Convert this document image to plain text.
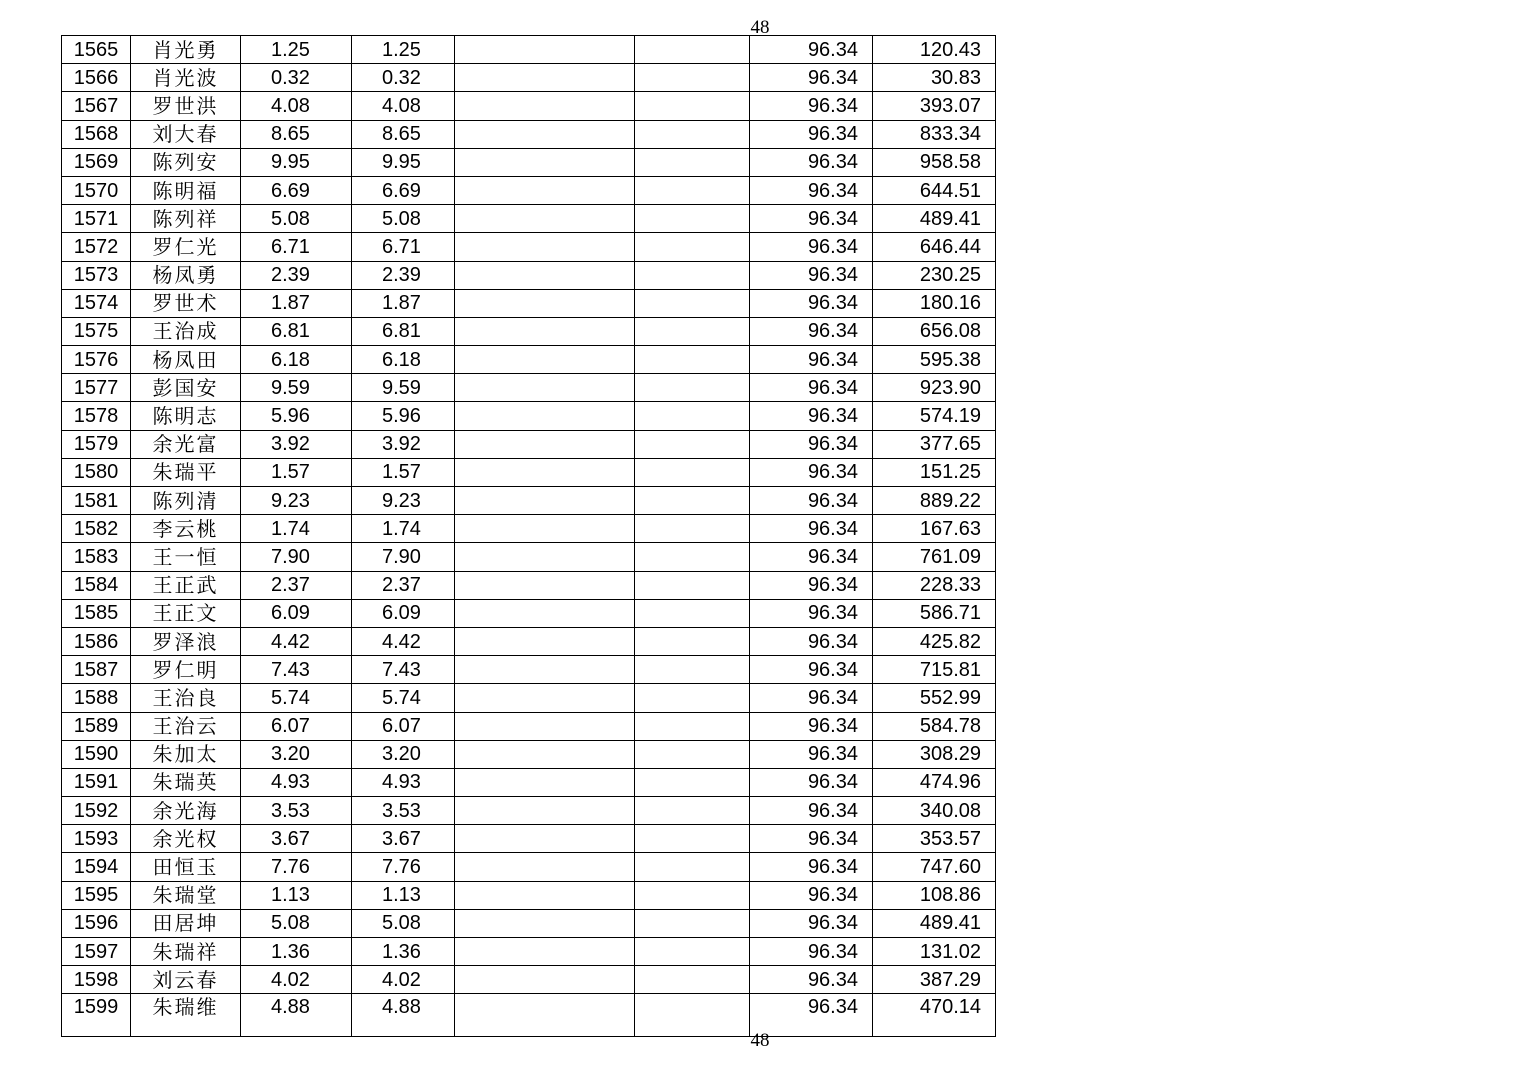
48
1565	肖光勇	1.25	1.25			96.34	120.43
1566	肖光波	0.32	0.32			96.34	30.83
1567	罗世洪	4.08	4.08			96.34	393.07
1568	刘大春	8.65	8.65			96.34	833.34
1569	陈列安	9.95	9.95			96.34	958.58
1570	陈明福	6.69	6.69			96.34	644.51
1571	陈列祥	5.08	5.08			96.34	489.41
1572	罗仁光	6.71	6.71			96.34	646.44
1573	杨凤勇	2.39	2.39			96.34	230.25
1574	罗世术	1.87	1.87			96.34	180.16
1575	王治成	6.81	6.81			96.34	656.08
1576	杨凤田	6.18	6.18			96.34	595.38
1577	彭国安	9.59	9.59			96.34	923.90
1578	陈明志	5.96	5.96			96.34	574.19
1579	余光富	3.92	3.92			96.34	377.65
1580	朱瑞平	1.57	1.57			96.34	151.25
1581	陈列清	9.23	9.23			96.34	889.22
1582	李云桃	1.74	1.74			96.34	167.63
1583	王一恒	7.90	7.90			96.34	761.09
1584	王正武	2.37	2.37			96.34	228.33
1585	王正文	6.09	6.09			96.34	586.71
1586	罗泽浪	4.42	4.42			96.34	425.82
1587	罗仁明	7.43	7.43			96.34	715.81
1588	王治良	5.74	5.74			96.34	552.99
1589	王治云	6.07	6.07			96.34	584.78
1590	朱加太	3.20	3.20			96.34	308.29
1591	朱瑞英	4.93	4.93			96.34	474.96
1592	余光海	3.53	3.53			96.34	340.08
1593	余光权	3.67	3.67			96.34	353.57
1594	田恒玉	7.76	7.76			96.34	747.60
1595	朱瑞堂	1.13	1.13			96.34	108.86
1596	田居坤	5.08	5.08			96.34	489.41
1597	朱瑞祥	1.36	1.36			96.34	131.02
1598	刘云春	4.02	4.02			96.34	387.29
1599	朱瑞维	4.88	4.88			96.34	470.14
48
